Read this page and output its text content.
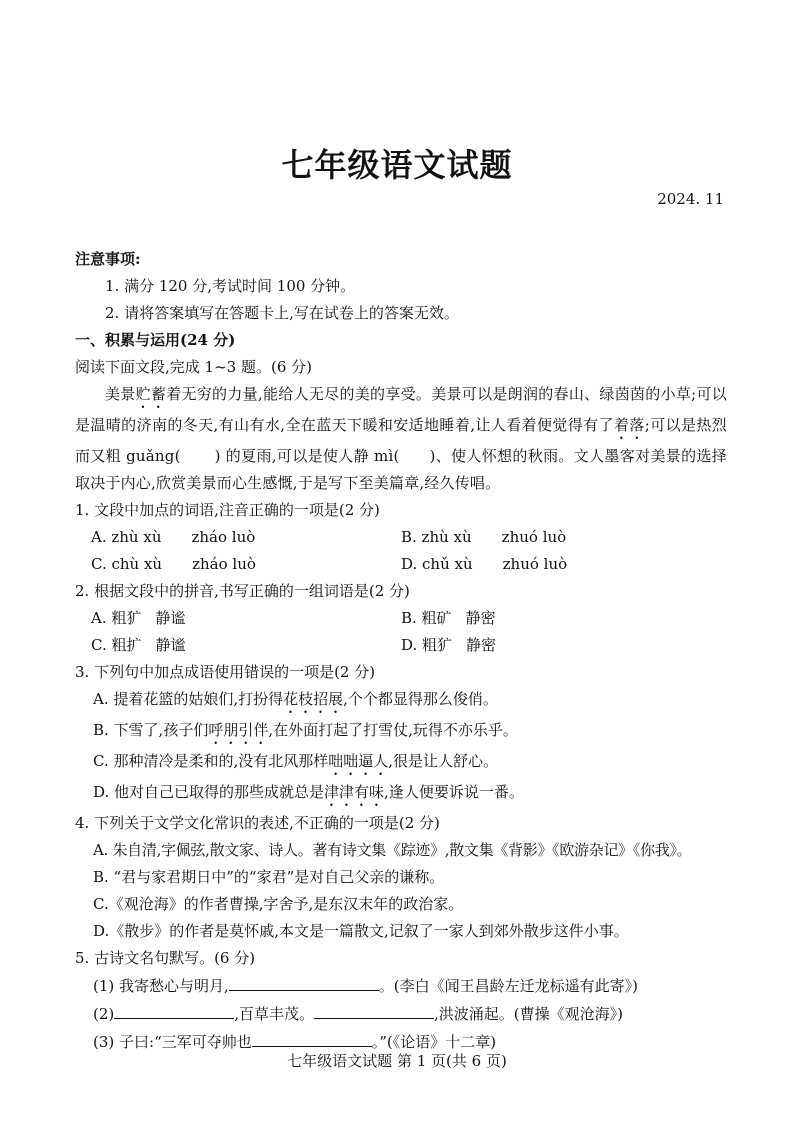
七年级语文试题
2024. 11
注意事项:
1. 满分 120 分,考试时间 100 分钟。
2. 请将答案填写在答题卡上,写在试卷上的答案无效。
一、积累与运用(24 分)
阅读下面文段,完成 1~3 题。(6 分)
美景贮蓄着无穷的力量,能给人无尽的美的享受。美景可以是朗润的春山、绿茵茵的小草;可以是温晴的济南的冬天,有山有水,全在蓝天下暖和安适地睡着,让人看着便觉得有了着落;可以是热烈而又粗 guǎng( ) 的夏雨,可以是使人静 mì( )、使人怀想的秋雨。文人墨客对美景的选择取决于内心,欣赏美景而心生感慨,于是写下至美篇章,经久传唱。
1. 文段中加点的词语,注音正确的一项是(2 分)
A. zhù xù zháo luò	B. zhù xù zhuó luò
C. chù xù zháo luò	D. chǔ xù zhuó luò
2. 根据文段中的拼音,书写正确的一组词语是(2 分)
A. 粗犷 静谧	B. 粗矿 静密
C. 粗扩 静谧	D. 粗犷 静密
3. 下列句中加点成语使用错误的一项是(2 分)
A. 提着花篮的姑娘们,打扮得花枝招展,个个都显得那么俊俏。
B. 下雪了,孩子们呼朋引伴,在外面打起了打雪仗,玩得不亦乐乎。
C. 那种清冷是柔和的,没有北风那样咄咄逼人,很是让人舒心。
D. 他对自己已取得的那些成就总是津津有味,逢人便要诉说一番。
4. 下列关于文学文化常识的表述,不正确的一项是(2 分)
A. 朱自清,字佩弦,散文家、诗人。著有诗文集《踪迹》,散文集《背影》《欧游杂记》《你我》。
B. “君与家君期日中”的“家君”是对自己父亲的谦称。
C.《观沧海》的作者曹操,字舍予,是东汉末年的政治家。
D.《散步》的作者是莫怀戚,本文是一篇散文,记叙了一家人到郊外散步这件小事。
5. 古诗文名句默写。(6 分)
(1) 我寄愁心与明月,	。(李白《闻王昌龄左迁龙标遥有此寄》)
(2)	,百草丰茂。	,洪波涌起。(曹操《观沧海》)
(3) 子曰:“三军可夺帅也	。”(《论语》十二章)
七年级语文试题 第 1 页(共 6 页)
